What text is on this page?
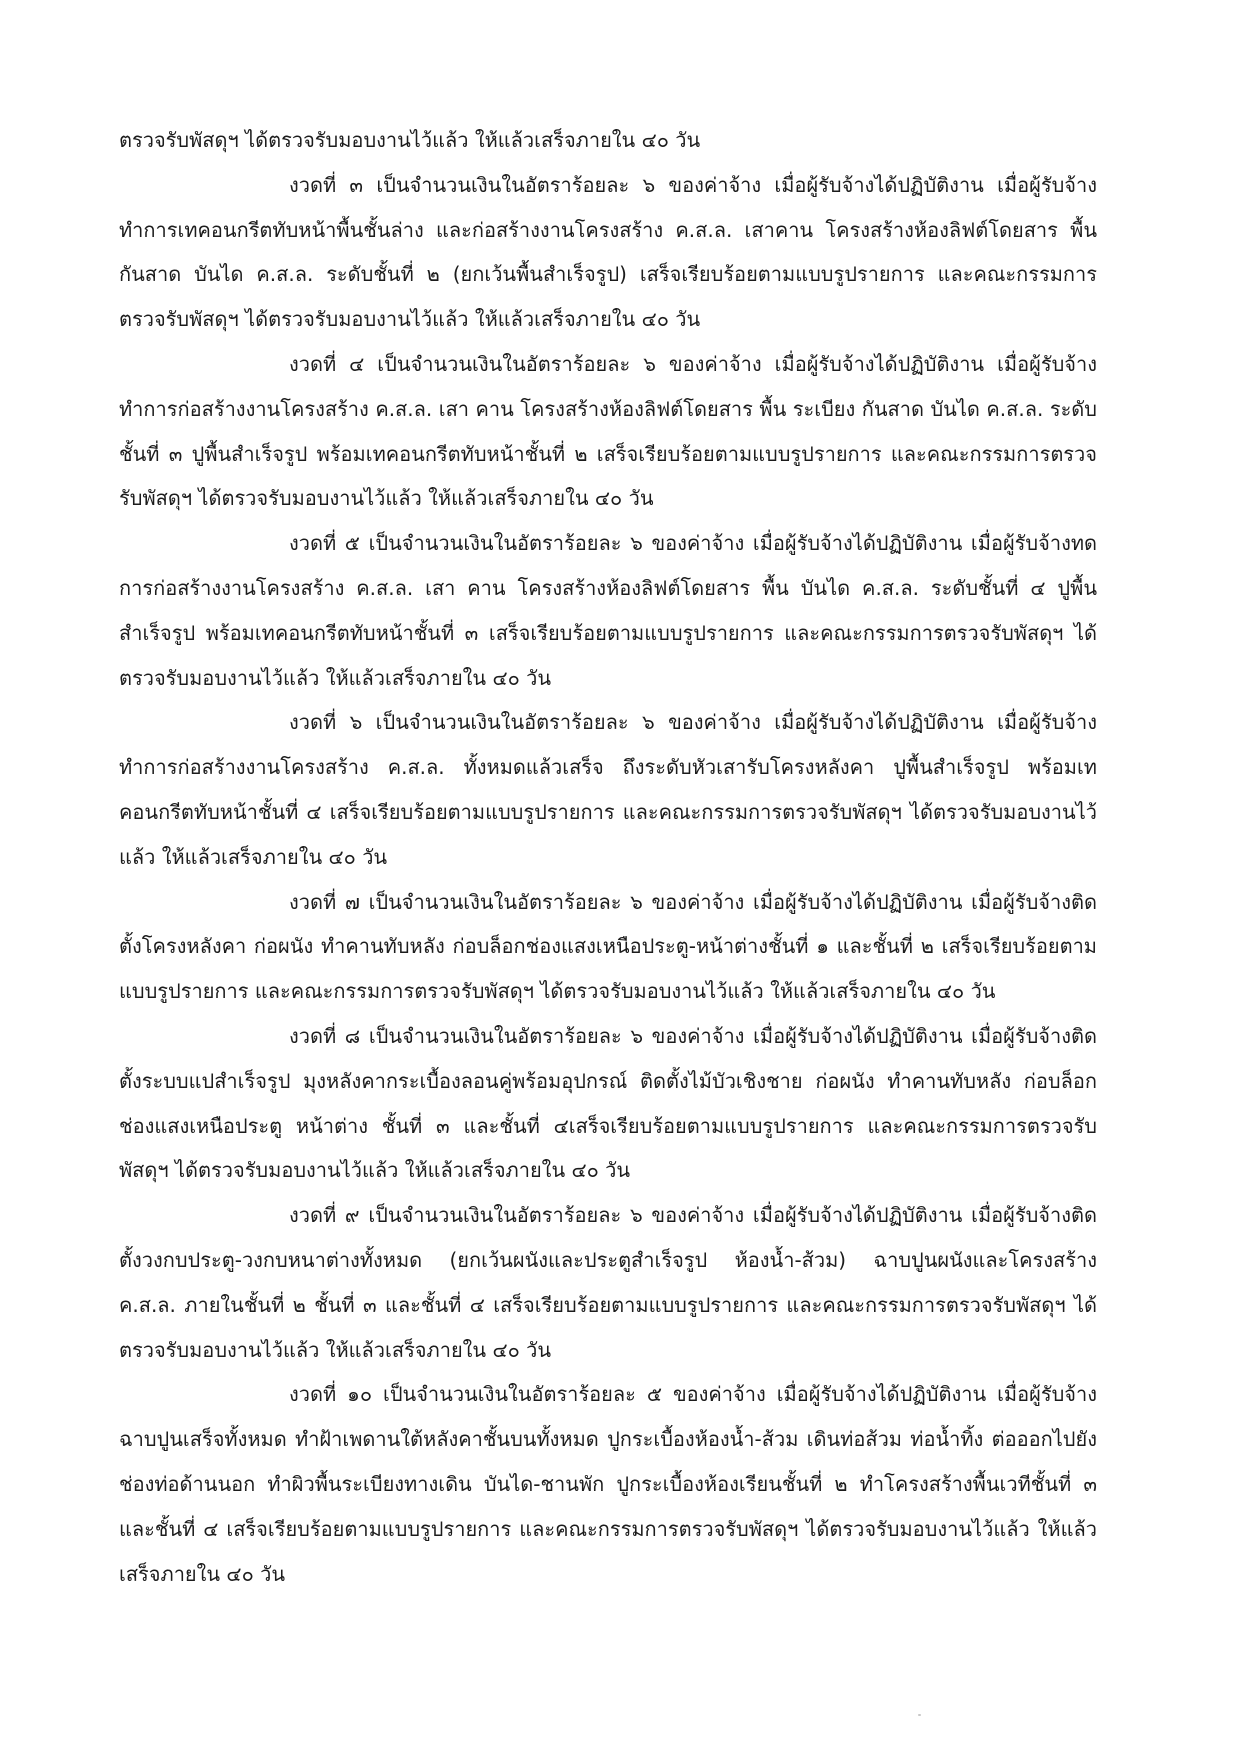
ตรวจรับพัสดุฯ ได้ตรวจรับมอบงานไว้แล้ว ให้แล้วเสร็จภายใน ๔๐ วัน

งวดที่ ๓ เป็นจำนวนเงินในอัตราร้อยละ ๖ ของค่าจ้าง เมื่อผู้รับจ้างได้ปฏิบัติงาน เมื่อผู้รับจ้างทำการเทคอนกรีตทับหน้าพื้นชั้นล่าง และก่อสร้างงานโครงสร้าง ค.ส.ล. เสาคาน โครงสร้างห้องลิฟต์โดยสาร พื้นกันสาด บันได ค.ส.ล. ระดับชั้นที่ ๒ (ยกเว้นพื้นสำเร็จรูป) เสร็จเรียบร้อยตามแบบรูปรายการ และคณะกรรมการตรวจรับพัสดุฯ ได้ตรวจรับมอบงานไว้แล้ว ให้แล้วเสร็จภายใน ๔๐ วัน

งวดที่ ๔ เป็นจำนวนเงินในอัตราร้อยละ ๖ ของค่าจ้าง เมื่อผู้รับจ้างได้ปฏิบัติงาน เมื่อผู้รับจ้างทำการก่อสร้างงานโครงสร้าง ค.ส.ล. เสา คาน โครงสร้างห้องลิฟต์โดยสาร พื้น ระเบียง กันสาด บันได ค.ส.ล. ระดับชั้นที่ ๓ ปูพื้นสำเร็จรูป พร้อมเทคอนกรีตทับหน้าชั้นที่ ๒ เสร็จเรียบร้อยตามแบบรูปรายการ และคณะกรรมการตรวจรับพัสดุฯ ได้ตรวจรับมอบงานไว้แล้ว ให้แล้วเสร็จภายใน ๔๐ วัน

งวดที่ ๕ เป็นจำนวนเงินในอัตราร้อยละ ๖ ของค่าจ้าง เมื่อผู้รับจ้างได้ปฏิบัติงาน เมื่อผู้รับจ้างทดการก่อสร้างงานโครงสร้าง ค.ส.ล. เสา คาน โครงสร้างห้องลิฟต์โดยสาร พื้น บันได ค.ส.ล. ระดับชั้นที่ ๔ ปูพื้นสำเร็จรูป พร้อมเทคอนกรีตทับหน้าชั้นที่ ๓ เสร็จเรียบร้อยตามแบบรูปรายการ และคณะกรรมการตรวจรับพัสดุฯ ได้ตรวจรับมอบงานไว้แล้ว ให้แล้วเสร็จภายใน ๔๐ วัน

งวดที่ ๖ เป็นจำนวนเงินในอัตราร้อยละ ๖ ของค่าจ้าง เมื่อผู้รับจ้างได้ปฏิบัติงาน เมื่อผู้รับจ้างทำการก่อสร้างงานโครงสร้าง ค.ส.ล. ทั้งหมดแล้วเสร็จ ถึงระดับหัวเสารับโครงหลังคา ปูพื้นสำเร็จรูป พร้อมเทคอนกรีตทับหน้าชั้นที่ ๔ เสร็จเรียบร้อยตามแบบรูปรายการ และคณะกรรมการตรวจรับพัสดุฯ ได้ตรวจรับมอบงานไว้แล้ว ให้แล้วเสร็จภายใน ๔๐ วัน

งวดที่ ๗ เป็นจำนวนเงินในอัตราร้อยละ ๖ ของค่าจ้าง เมื่อผู้รับจ้างได้ปฏิบัติงาน เมื่อผู้รับจ้างติดตั้งโครงหลังคา ก่อผนัง ทำคานทับหลัง ก่อบล็อกช่องแสงเหนือประตู-หน้าต่างชั้นที่ ๑ และชั้นที่ ๒ เสร็จเรียบร้อยตามแบบรูปรายการ และคณะกรรมการตรวจรับพัสดุฯ ได้ตรวจรับมอบงานไว้แล้ว ให้แล้วเสร็จภายใน ๔๐ วัน

งวดที่ ๘ เป็นจำนวนเงินในอัตราร้อยละ ๖ ของค่าจ้าง เมื่อผู้รับจ้างได้ปฏิบัติงาน เมื่อผู้รับจ้างติดตั้งระบบแปสำเร็จรูป มุงหลังคากระเบื้องลอนคู่พร้อมอุปกรณ์ ติดตั้งไม้บัวเชิงชาย ก่อผนัง ทำคานทับหลัง ก่อบล็อกช่องแสงเหนือประตู หน้าต่าง ชั้นที่ ๓ และชั้นที่ ๔เสร็จเรียบร้อยตามแบบรูปรายการ และคณะกรรมการตรวจรับพัสดุฯ ได้ตรวจรับมอบงานไว้แล้ว ให้แล้วเสร็จภายใน ๔๐ วัน

งวดที่ ๙ เป็นจำนวนเงินในอัตราร้อยละ ๖ ของค่าจ้าง เมื่อผู้รับจ้างได้ปฏิบัติงาน เมื่อผู้รับจ้างติดตั้งวงกบประตู-วงกบหนาต่างทั้งหมด (ยกเว้นผนังและประตูสำเร็จรูป ห้องน้ำ-ส้วม) ฉาบปูนผนังและโครงสร้าง ค.ส.ล. ภายในชั้นที่ ๒ ชั้นที่ ๓ และชั้นที่ ๔ เสร็จเรียบร้อยตามแบบรูปรายการ และคณะกรรมการตรวจรับพัสดุฯ ได้ตรวจรับมอบงานไว้แล้ว ให้แล้วเสร็จภายใน ๔๐ วัน

งวดที่ ๑๐ เป็นจำนวนเงินในอัตราร้อยละ ๕ ของค่าจ้าง เมื่อผู้รับจ้างได้ปฏิบัติงาน เมื่อผู้รับจ้างฉาบปูนเสร็จทั้งหมด ทำฝ้าเพดานใต้หลังคาชั้นบนทั้งหมด ปูกระเบื้องห้องน้ำ-ส้วม เดินท่อส้วม ท่อน้ำทิ้ง ต่อออกไปยังช่องท่อด้านนอก ทำผิวพื้นระเบียงทางเดิน บันได-ชานพัก ปูกระเบื้องห้องเรียนชั้นที่ ๒ ทำโครงสร้างพื้นเวทีชั้นที่ ๓ และชั้นที่ ๔ เสร็จเรียบร้อยตามแบบรูปรายการ และคณะกรรมการตรวจรับพัสดุฯ ได้ตรวจรับมอบงานไว้แล้ว ให้แล้วเสร็จภายใน ๔๐ วัน
